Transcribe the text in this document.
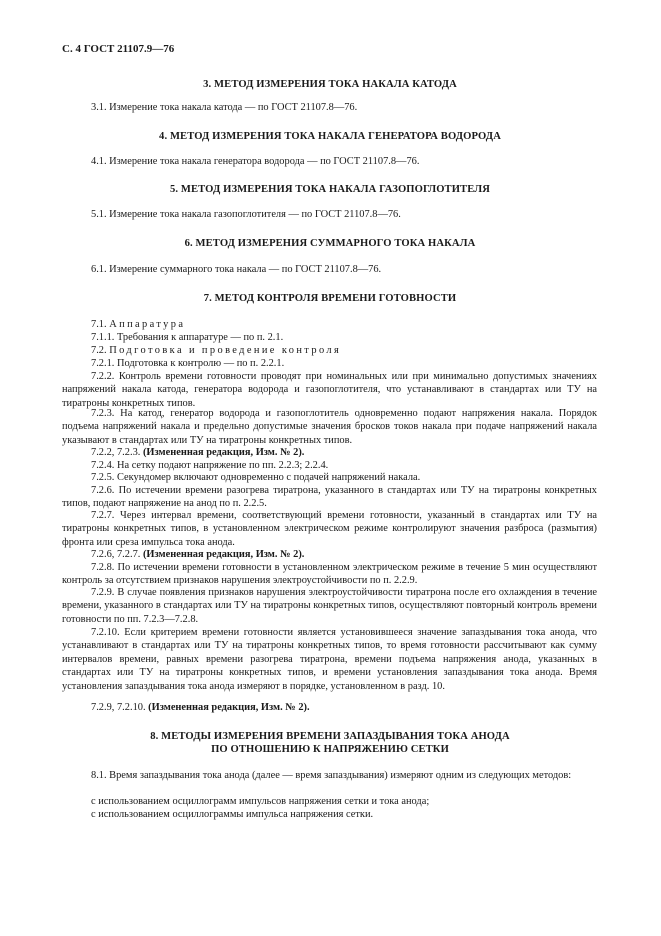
С. 4 ГОСТ 21107.9—76
3. МЕТОД ИЗМЕРЕНИЯ ТОКА НАКАЛА КАТОДА
3.1. Измерение тока накала катода — по ГОСТ 21107.8—76.
4. МЕТОД ИЗМЕРЕНИЯ ТОКА НАКАЛА ГЕНЕРАТОРА ВОДОРОДА
4.1. Измерение тока накала генератора водорода — по ГОСТ 21107.8—76.
5. МЕТОД ИЗМЕРЕНИЯ ТОКА НАКАЛА ГАЗОПОГЛОТИТЕЛЯ
5.1. Измерение тока накала газопоглотителя — по ГОСТ 21107.8—76.
6. МЕТОД ИЗМЕРЕНИЯ СУММАРНОГО ТОКА НАКАЛА
6.1. Измерение суммарного тока накала — по ГОСТ 21107.8—76.
7. МЕТОД КОНТРОЛЯ ВРЕМЕНИ ГОТОВНОСТИ
7.1. Аппаратура
7.1.1. Требования к аппаратуре — по п. 2.1.
7.2. Подготовка и проведение контроля
7.2.1. Подготовка к контролю — по п. 2.2.1.
7.2.2. Контроль времени готовности проводят при номинальных или при минимально допустимых значениях напряжений накала катода, генератора водорода и газопоглотителя, что устанавливают в стандартах или ТУ на тиратроны конкретных типов.
7.2.3. На катод, генератор водорода и газопоглотитель одновременно подают напряжения накала. Порядок подъема напряжений накала и предельно допустимые значения бросков токов накала при подаче напряжений накала указывают в стандартах или ТУ на тиратроны конкретных типов.
7.2.2, 7.2.3. (Измененная редакция, Изм. № 2).
7.2.4. На сетку подают напряжение по пп. 2.2.3; 2.2.4.
7.2.5. Секундомер включают одновременно с подачей напряжений накала.
7.2.6. По истечении времени разогрева тиратрона, указанного в стандартах или ТУ на тиратроны конкретных типов, подают напряжение на анод по п. 2.2.5.
7.2.7. Через интервал времени, соответствующий времени готовности, указанный в стандартах или ТУ на тиратроны конкретных типов, в установленном электрическом режиме контролируют значения разброса (размытия) фронта или среза импульса тока анода.
7.2.6, 7.2.7. (Измененная редакция, Изм. № 2).
7.2.8. По истечении времени готовности в установленном электрическом режиме в течение 5 мин осуществляют контроль за отсутствием признаков нарушения электроустойчивости по п. 2.2.9.
7.2.9. В случае появления признаков нарушения электроустойчивости тиратрона после его охлаждения в течение времени, указанного в стандартах или ТУ на тиратроны конкретных типов, осуществляют повторный контроль времени готовности по пп. 7.2.3—7.2.8.
7.2.10. Если критерием времени готовности является установившееся значение запаздывания тока анода, что устанавливают в стандартах или ТУ на тиратроны конкретных типов, то время готовности рассчитывают как сумму интервалов времени, равных времени разогрева тиратрона, времени подъема напряжения анода, указанных в стандартах или ТУ на тиратроны конкретных типов, и времени установления запаздывания тока анода. Время установления запаздывания тока анода измеряют в порядке, установленном в разд. 10.
7.2.9, 7.2.10. (Измененная редакция, Изм. № 2).
8. МЕТОДЫ ИЗМЕРЕНИЯ ВРЕМЕНИ ЗАПАЗДЫВАНИЯ ТОКА АНОДА
ПО ОТНОШЕНИЮ К НАПРЯЖЕНИЮ СЕТКИ
8.1. Время запаздывания тока анода (далее — время запаздывания) измеряют одним из следующих методов:
с использованием осциллограмм импульсов напряжения сетки и тока анода;
с использованием осциллограммы импульса напряжения сетки.
